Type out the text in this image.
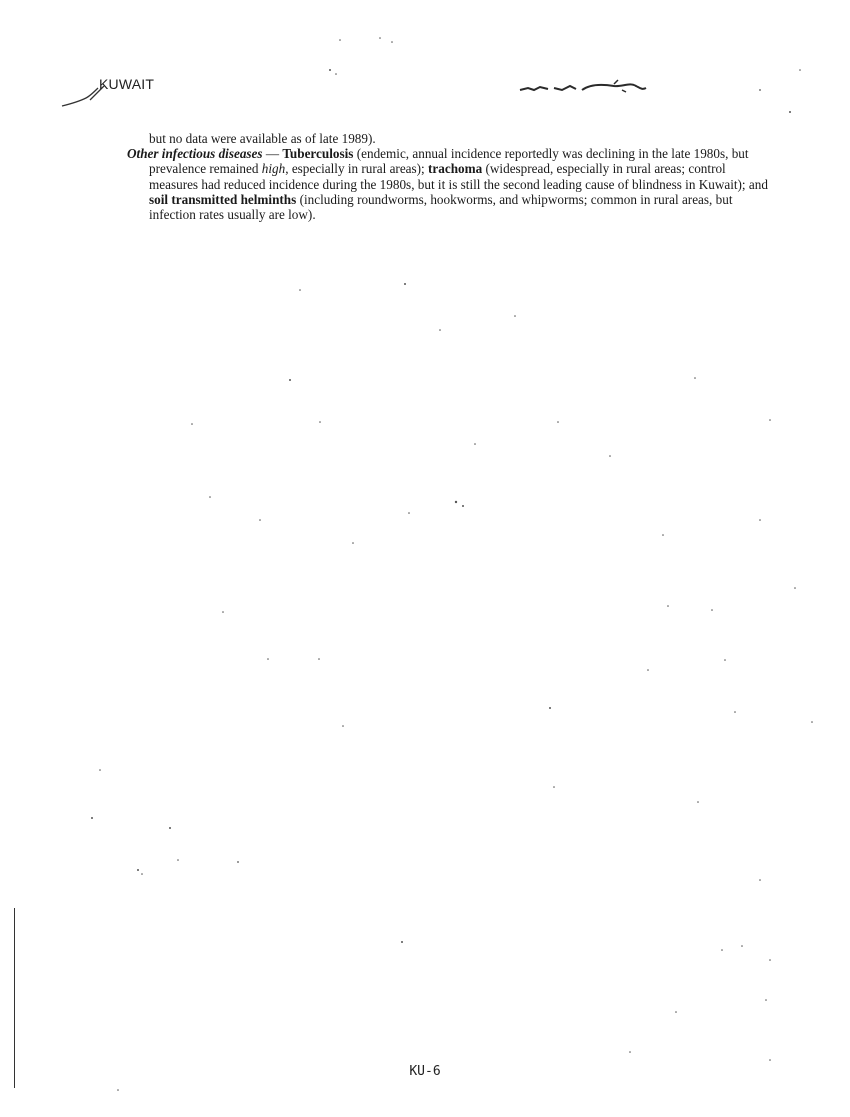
KUWAIT

but no data were available as of late 1989).

Other infectious diseases — Tuberculosis (endemic, annual incidence reportedly was declining in the late 1980s, but prevalence remained high, especially in rural areas); trachoma (widespread, especially in rural areas; control measures had reduced incidence during the 1980s, but it is still the second leading cause of blindness in Kuwait); and soil transmitted helminths (including roundworms, hookworms, and whipworms; common in rural areas, but infection rates usually are low).

KU-6
